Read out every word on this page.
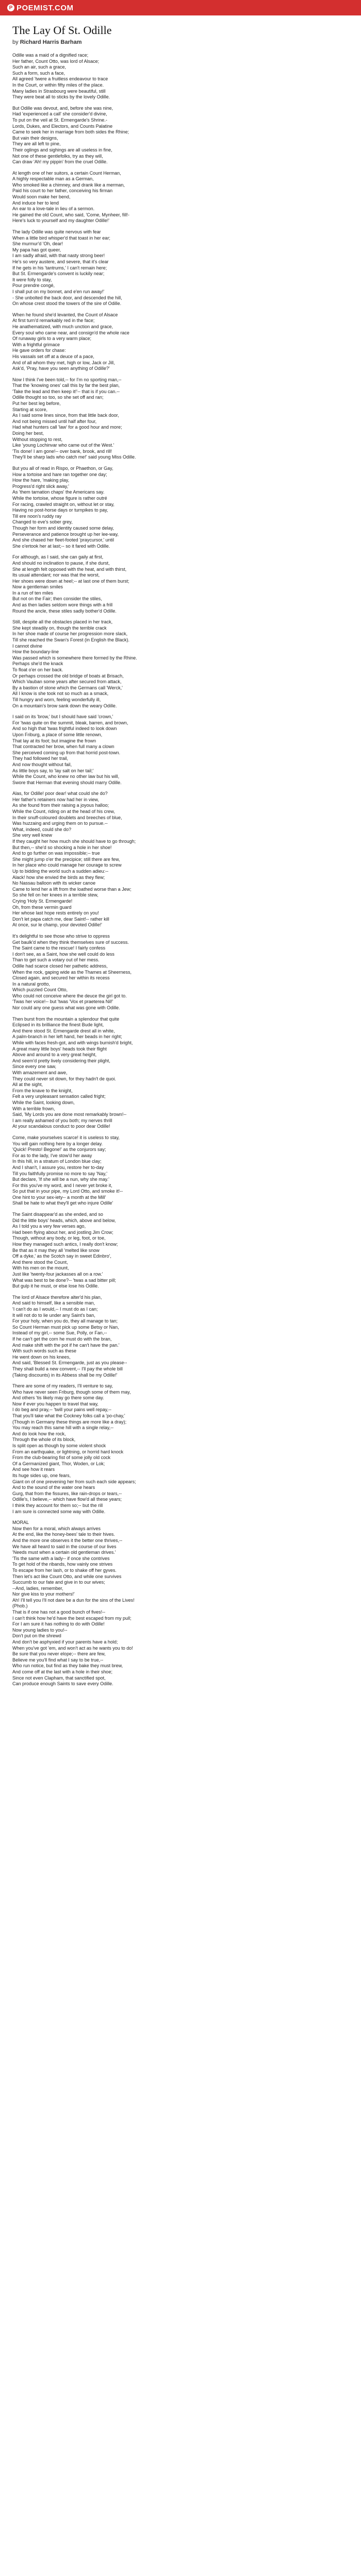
P POEMIST.COM
The Lay Of St. Odille
by Richard Harris Barham
Odille was a maid of a dignified race;
Her father, Count Otto, was lord of Alsace;
Such an air, such a grace,
Such a form, such a face,
All agreed 'twere a fruitless endeavour to trace
In the Court, or within fifty miles of the place.
Many ladies in Strasbourg were beautiful, still
They were beat all to sticks by the lovely Odille.
But Odille was devout, and, before she was nine,
Had 'experienced a call' she consider'd divine,
To put on the veil at St. Ermengarde's Shrine.-
Lords, Dukes, and Electors, and Counts Palatine
Came to seek her in marriage from both sides the Rhine;
But vain their designs,
They are all left to pine,
Their oglings and sighings are all useless in fine,
Not one of these gentlefolks, try as they will,
Can draw 'Ah! my pippin' from the cruel Odille.
At length one of her suitors, a certain Count Herman,
A highly respectable man as a German,
Who smoked like a chimney, and drank like a merman,
Paid his court to her father, conceiving his firman
Would soon make her bend,
And induce her to lend
An ear to a love-tale in lieu of a sermon.
He gained the old Count, who said, 'Come, Mynheer, fill!-
Here's luck to yourself and my daughter Odille!'
The lady Odille was quite nervous with fear
When a little bird whisper'd that toast in her ear;
She murmur'd 'Oh, dear!
My papa has got queer,
I am sadly afraid, with that nasty strong beer!
He's so very austere, and severe, that it's clear
If he gets in his 'tantrums,' I can't remain here;
But St. Ermengarde's convent is luckily near;
It were folly to stay,
Pour prendre congé,
I shall put on my bonnet, and e'en run away!'
- She unbolted the back door, and descended the hill,
On whose crest stood the towers of the sire of Odille.
When he found she'd levanted, the Count of Alsace
At first turn'd remarkably red in the face;
He anathematized, with much unction and grace,
Every soul who came near, and consign'd the whole race
Of runaway girls to a very warm place;
With a frightful grimace
He gave orders for chase:
His vassals set off at a deuce of a pace,
And of all whom they met, high or low, Jack or Jill,
Ask'd, 'Pray, have you seen anything of Odille?'
Now I think I've been told,-- for I'm no sporting man,--
That the 'knowing ones' call this by far the best plan,
'Take the lead and then keep it!'-- that is if you can.--
Odille thought so too, so she set off and ran;
Put her best leg before,
Starting at score,
As I said some lines since, from that little back door,
And not being missed until half after four,
Had what hunters call 'law' for a good hour and more;
Doing her best,
Without stopping to rest,
Like 'young Lochinvar who came out of the West.'
'Tis done! I am gone!-- over bank, brook, and rill!
They'll be sharp lads who catch me!' said young Miss Odille.
But you all of read in Rispo, or Phaethon, or Gay,
How a tortoise and hare ran together one day;
How the hare, 'making play,
Progress'd right slick away,'
As 'them tarnation chaps' the Americans say.
While the tortoise, whose figure is rather outré
For racing, crawled straight on, without let or stay,
Having no post-horse days or turnpikes to pay,
Till ere noon's ruddy ray
Changed to eve's sober grey,
Though her form and identity caused some delay,
Perseverance and patience brought up her lee-way,
And she chased her fleet-footed 'praycursor,' until
She o'ertook her at last;-- so it fared with Odille.
For although, as I said, she can gaily at first,
And should no inclination to pause, if she durst,
She at length felt opposed with the heat, and with thirst,
Its usual attendant; nor was that the worst,
Her shoes were down at heel;-- at last one of them burst;
Now a gentleman smiles
In a run of ten miles
But not on the Fair; then consider the stiles,
And as then ladies seldom wore things with a frill
Round the ancle, these stiles sadly bother'd Odille.
Still, despite all the obstacles placed in her track,
She kept steadily on, though the terrible crack
In her shoe made of course her progression more slack,
Till she reached the Swan's Forest (in English the Black).
I cannot divine
How the boundary-line
Was passed which is somewhere there formed by the Rhine.
Perhaps she'd the knack
To float o'er on her back.
Or perhaps crossed the old bridge of boats at Brisach,
Which Vauban some years after secured from attack,
By a bastion of stone which the Germans call 'Werck,'
All I know is she took not so much as a smack,
Till hungry and worn, feeling wonderfully ill,
On a mountain's brow sank down the weary Odille.
I said on its 'brow,' but I should have said 'crown,'
For 'twas quite on the summit, bleak, barren, and brown,
And so high that 'twas frightful indeed to look down
Upon Friburg, a place of some little renown,
That lay at its foot; but imagine the frown
That contracted her brow, when full many a clown
She perceived coming up from that horrid post-town.
They had followed her trail,
And now thought without fail,
As little boys say, to 'lay salt on her tail;'
While the Count, who knew no other law but his will,
Swore that Herman that evening should marry Odille.
Alas, for Odille! poor dear! what could she do?
Her father's retainers now had her in view,
As she found from their raising a joyous halloo;
While the Count, riding on at the head of his crew,
In their snuff-coloured doublets and breeches of blue,
Was huzzaing and urging them on to pursue.--
What, indeed, could she do?
She very well knew
If they caught her how much she should have to go through;
But then,-- she'd so shocking a hole in her shoe!
And to go further on was impossible;-- true
She might jump o'er the precipice; still there are few,
In her place who could manage her courage to screw
Up to bidding the world such a sudden adieu:--
Alack! how she envied the birds as they flew;
No Nassau balloon with its wicker canoe
Came to lend her a lift from the loathed worse than a Jew;
So she fell on her knees in a terrible stew,
Crying 'Holy St. Ermengarde!
Oh, from these vermin guard
Her whose last hope rests entirely on you!
Don't let papa catch me, dear Saint!-- rather kill
At once, sur le champ, your devoted Odille!'
It's delightful to see those who strive to oppress
Get baulk'd when they think themselves sure of success.
The Saint came to the rescue! I fairly confess
I don't see, as a Saint, how she well could do less
Than to get such a votary out of her mess.
Odille had scarce closed her pathetic address,
When the rock, gaping wide as the Thames at Sheerness,
Closed again, and secured her within its recess
In a natural grotto,
Which puzzled Count Otto,
Who could not conceive where the deuce the girl got to.
'Twas her voice!-- but 'twas 'Vox et praeterea Nil!'
Nor could any one guess what was gone with Odille.
Then burst from the mountain a splendour that quite
Eclipsed in its brilliance the finest Bude light,
And there stood St. Ermengarde drest all in white,
A palm-branch in her left hand, her beads in her right;
While with faces fresh-got, and with wings burnish'd bright,
A great many little boys' heads took their flight
Above and around to a very great height,
And seem'd pretty lively considering their plight,
Since every one saw,
With amazement and awe,
They could never sit down, for they hadn't de quoi.
All at the sight,
From the knave to the knight,
Felt a very unpleasant sensation called fright;
While the Saint, looking down,
With a terrible frown,
Said, 'My Lords you are done most remarkably brown!--
I am really ashamed of you both; my nerves thrill
At your scandalous conduct to poor dear Odille!
Come, make yourselves scarce! it is useless to stay,
You will gain nothing here by a longer delay.
'Quick! Presto! Begone!' as the conjurors say;
For as to the lady, I've stow'd her away
In this hill, in a stratum of London blue clay;
And I shan't, I assure you, restore her to-day
Till you faithfully promise no more to say 'Nay,'
But declare, 'If she will be a nun, why she may.'
For this you've my word, and I never yet broke it,
So put that in your pipe, my Lord Otto, and smoke it!--
One hint to your sex-iety-- a month at the Mill'
Shall be hate to what they'll get who injure Odille'
The Saint disappear'd as she ended, and so
Did the little boys' heads, which, above and below,
As I told you a very few verses ago,
Had been flying about her, and jostling Jim Crow;
Though, without any body, or leg, foot, or toe,
How they managed such antics, I really don't know;
Be that as it may they all 'melted like snow
Off a dyke,' as the Scotch say in sweet Edinbro',
And there stood the Count,
With his men on the mount,
Just like 'twenty-four jackasses all on a row.'
What was best to be done?-- 'twas a sad bitter pill;
But gulp it he must, or else lose his Odille.
The lord of Alsace therefore alter'd his plan,
And said to himself, like a sensible man,
'I can't do as I would,-- I must do as I can;
It will not do to lie under any Saint's ban,
For your holy, when you do, they all manage to tan;
So Count Herman must pick up some Betsy or Nan,
Instead of my girl,-- some Sue, Polly, or Fan,--
If he can't get the corn he must do with the bran,
And make shift with the pot if he can't have the pan.'
With such words such as these
He went down on his knees,
And said, 'Blessed St. Ermengarde, just as you please--
They shall build a new convent,-- I'll pay the whole bill
(Taking discounts) in its Abbess shall be my Odille!'
There are some of my readers, I'll venture to say,
Who have never seen Friburg, though some of them may,
And others 'tis likely may go there some day.
Now if ever you happen to travel that way,
I do beg and pray,-- 'twill your pains well repay,--
That you'll take what the Cockney folks call a 'po-chay,'
(Though in Germany these things are more like a dray);
You may reach this same hill with a single relay,--
And do look how the rock,
Through the whole of its block,
Is split open as though by some violent shock
From an earthquake, or lightning, or horrid hard knock
From the club-bearing fist of some jolly old cock
Of a Germanized giant, Thor, Woden, or Lok;
And see how it rears
Its huge sides up, one fears,
Giant on of one prevening her from such each side appears;
And to the sound of the water one hears
Gurg, that from the fissures, like rain-drops or tears,--
Odille's, I believe,-- which have flow'd all these years;
I think they account for them so;-- but the rill
I am sure is connected some way with Odille.
MORAL
Now then for a moral, which always arrives
At the end, like the honey-bees' tale to their hives.
And the more one observes it the better one thrives,--
We have all heard to said in the course of our lives
'Needs must when a certain old gentleman drives.'
'Tis the same with a lady-- if once she contrives
To get hold of the ribands, how vainly one strives
To escape from her lash, or to shake off her gyves.
Then let's act like Count Otto, and while one survives
Succumb to our fate and give in to our wives;
--And, ladies, remember,
Nor give kiss to your mothers!'
Ah! I'll tell you I'll not dare be a dun for the sins of the Lives!
(Phob.)
That is if one has not a good bunch of fives!--
I can't think how he'd have the best escaped from my pull;
For I am sure it has nothing to do with Odille!
Now young ladies to you!--
Don't put on the shrewd
And don't be asphyxied if your parents have a hold;
When you've got 'em, and won't act as he wants you to do!
Be sure that you never elope;-- there are few,
Believe me you'll find what I say to be true,--
Who run notice, but find as they bake they must brew,
And come off at the last with a hole in their shoe;
Since not even Clapham, that sanctified spot,
Can produce enough Saints to save every Odille.
